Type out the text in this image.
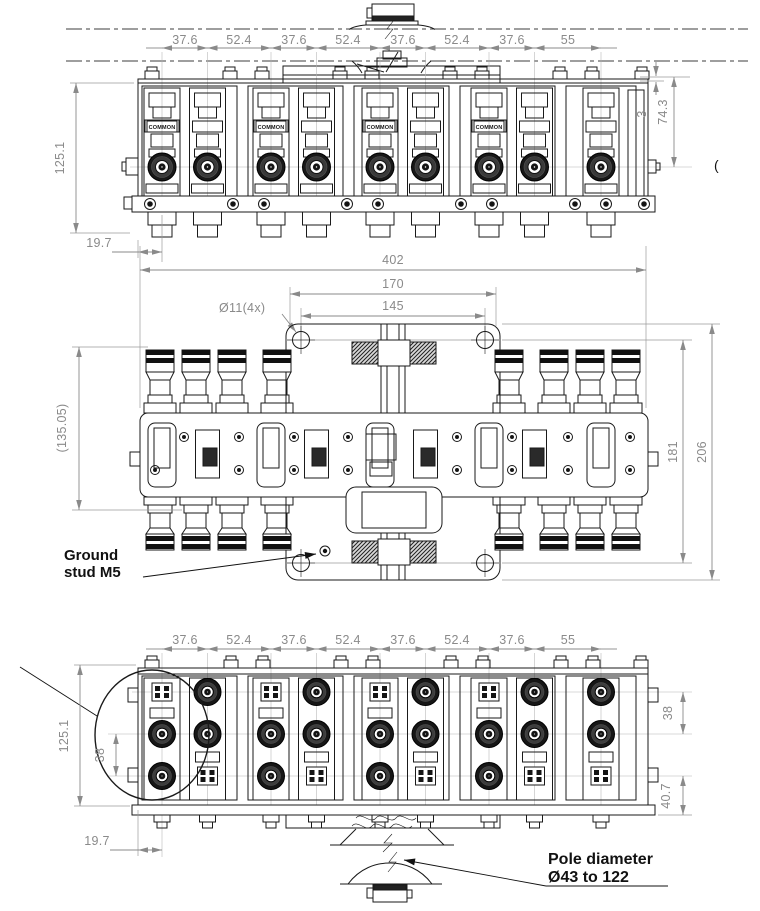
COMMON	COMMON	COMMON	COMMON
37.6 52.4 37.6 52.4 37.6 52.4 37.6	55
125.1
3 74.3
19.7
(
402
170
145
Ø11(4x)
Ground
stud M5
(135.05)	181 206
37.6 52.4 37.6 52.4 37.6 52.4 37.6	55
125.1
38
38
40.7
19.7
Pole diameter
Ø43 to 122
